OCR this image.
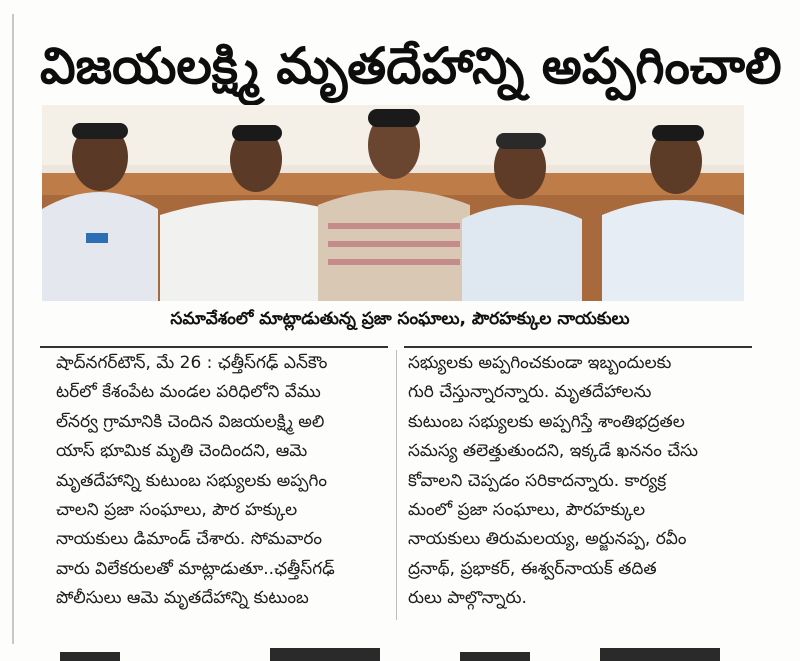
విజయలక్ష్మి మృతదేహాన్ని అప్పగించాలి
సమావేశంలో మాట్లాడుతున్న ప్రజా సంఘాలు, పౌరహక్కుల నాయకులు
షాద్‌నగర్‌టౌన్, మే 26 : ఛత్తీస్‌గఢ్ ఎన్‌కౌం
టర్‌లో కేశంపేట మండల పరిధిలోని వేము
ల్‌నర్వ గ్రామానికి చెందిన విజయలక్ష్మి అలి
యాస్ భూమిక మృతి చెందిందని, ఆమె
మృతదేహాన్ని కుటుంబ సభ్యులకు అప్పగిం
చాలని ప్రజా సంఘాలు, పౌర హక్కుల
నాయకులు డిమాండ్ చేశారు. సోమవారం
వారు విలేకరులతో మాట్లాడుతూ..ఛత్తీస్‌గఢ్
పోలీసులు ఆమె మృతదేహాన్ని కుటుంబ
సభ్యులకు అప్పగించకుండా ఇబ్బందులకు
గురి చేస్తున్నారన్నారు. మృతదేహాలను
కుటుంబ సభ్యులకు అప్పగిస్తే శాంతిభద్రతల
సమస్య తలెత్తుతుందని, ఇక్కడే ఖననం చేసు
కోవాలని చెప్పడం సరికాదన్నారు. కార్యక్ర
మంలో ప్రజా సంఘాలు, పౌరహక్కుల
నాయకులు తిరుమలయ్య, అర్జునప్ప, రవీం
ద్రనాథ్, ప్రభాకర్, ఈశ్వర్‌నాయక్ తదిత
రులు పాల్గొన్నారు.
